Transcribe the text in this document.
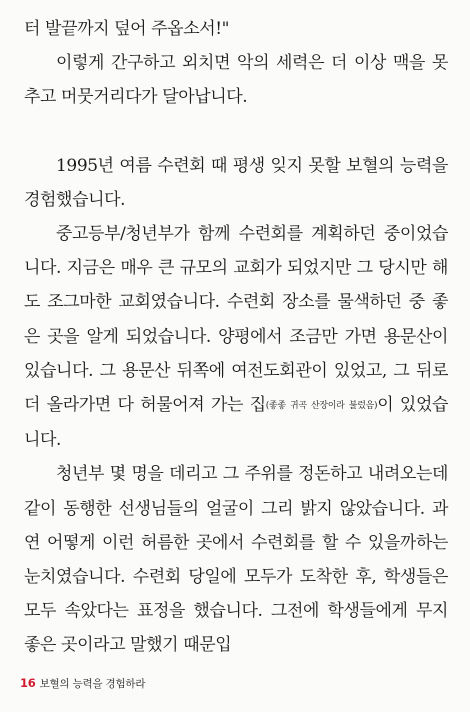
터 발끝까지 덮어 주옵소서!"

이렇게 간구하고 외치면 악의 세력은 더 이상 맥을 못 추고 머뭇거리다가 달아납니다.

1995년 여름 수련회 때 평생 잊지 못할 보혈의 능력을 경험했습니다.

중고등부/청년부가 함께 수련회를 계획하던 중이었습니다. 지금은 매우 큰 규모의 교회가 되었지만 그 당시만 해도 조그마한 교회였습니다. 수련회 장소를 물색하던 중 좋은 곳을 알게 되었습니다. 양평에서 조금만 가면 용문산이 있습니다. 그 용문산 뒤쪽에 여전도회관이 있었고, 그 뒤로 더 올라가면 다 허물어져 가는 집(좋좋 귀곡 산장이라 불렀음)이 있었습니다.

청년부 몇 명을 데리고 그 주위를 정돈하고 내려오는데 같이 동행한 선생님들의 얼굴이 그리 밝지 않았습니다. 과연 어떻게 이런 허름한 곳에서 수련회를 할 수 있을까하는 눈치였습니다. 수련회 당일에 모두가 도착한 후, 학생들은 모두 속았다는 표정을 했습니다. 그전에 학생들에게 무지 좋은 곳이라고 말했기 때문입

16 보혈의 능력을 경험하라
